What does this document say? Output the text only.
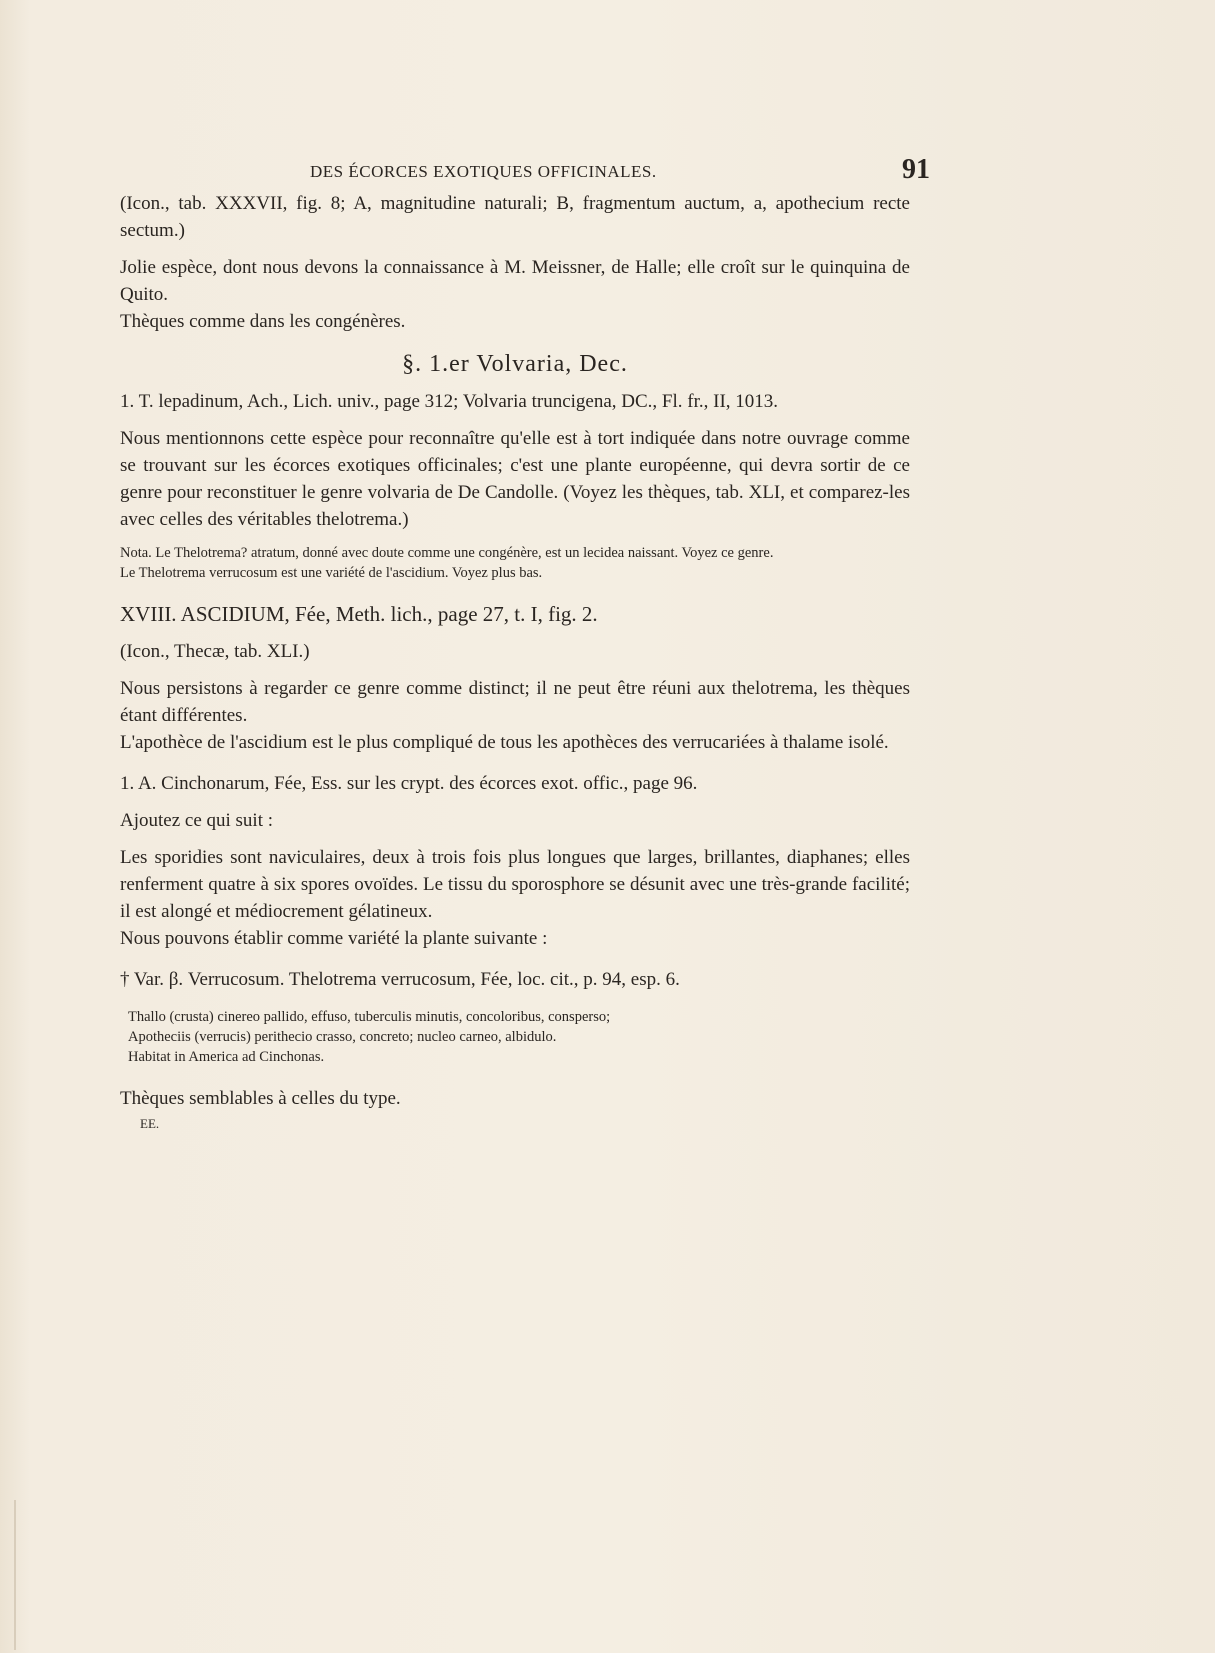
DES ÉCORCES EXOTIQUES OFFICINALES.	91

(Icon., tab. XXXVII, fig. 8; A, magnitudine naturali; B, fragmentum auctum, a, apothecium recte sectum.)

Jolie espèce, dont nous devons la connaissance à M. Meissner, de Halle; elle croît sur le quinquina de Quito.

Thèques comme dans les congénères.

§. 1.er Volvaria, Dec.

1. T. lepadinum, Ach., Lich. univ., page 312; Volvaria truncigena, DC., Fl. fr., II, 1013.

Nous mentionnons cette espèce pour reconnaître qu'elle est à tort indiquée dans notre ouvrage comme se trouvant sur les écorces exotiques officinales; c'est une plante européenne, qui devra sortir de ce genre pour reconstituer le genre volvaria de De Candolle. (Voyez les thèques, tab. XLI, et comparez-les avec celles des véritables thelotrema.)

Nota. Le Thelotrema? atratum, donné avec doute comme une congénère, est un lecidea naissant. Voyez ce genre.

Le Thelotrema verrucosum est une variété de l'ascidium. Voyez plus bas.

XVIII. ASCIDIUM, Fée, Meth. lich., page 27, t. I, fig. 2.

(Icon., Thecæ, tab. XLI.)

Nous persistons à regarder ce genre comme distinct; il ne peut être réuni aux thelotrema, les thèques étant différentes.

L'apothèce de l'ascidium est le plus compliqué de tous les apothèces des verrucariées à thalame isolé.

1. A. Cinchonarum, Fée, Ess. sur les crypt. des écorces exot. offic., page 96.

Ajoutez ce qui suit :

Les sporidies sont naviculaires, deux à trois fois plus longues que larges, brillantes, diaphanes; elles renferment quatre à six spores ovoïdes. Le tissu du sporosphore se désunit avec une très-grande facilité; il est alongé et médiocrement gélatineux.

Nous pouvons établir comme variété la plante suivante :

† Var. β. Verrucosum. Thelotrema verrucosum, Fée, loc. cit., p. 94, esp. 6.

Thallo (crusta) cinereo pallido, effuso, tuberculis minutis, concoloribus, consperso;

Apotheciis (verrucis) perithecio crasso, concreto; nucleo carneo, albidulo.

Habitat in America ad Cinchonas.

Thèques semblables à celles du type.

EE.
